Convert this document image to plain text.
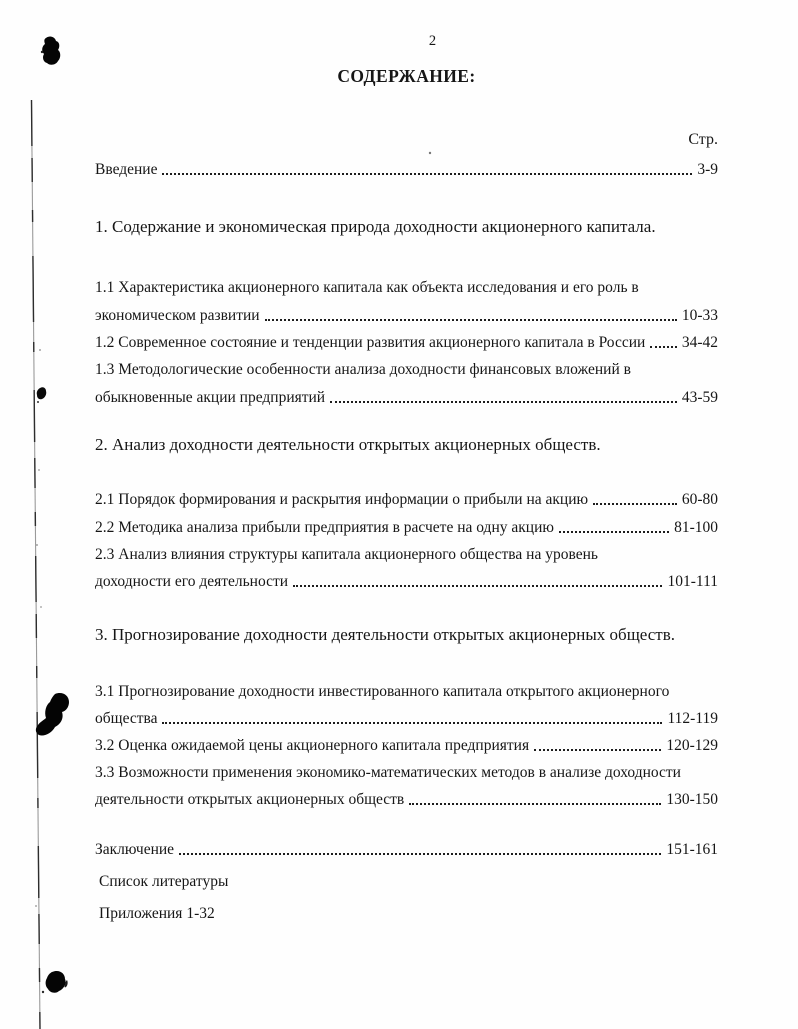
2
СОДЕРЖАНИЕ:
Стр.
Введение	3-9
1. Содержание и экономическая природа доходности акционерного капитала.
1.1 Характеристика акционерного капитала как объекта исследования и его роль в
экономическом развитии	10-33
1.2 Современное состояние и тенденции развития акционерного капитала в России 34-42
1.3 Методологические особенности анализа доходности финансовых вложений в
обыкновенные акции предприятий	43-59
2. Анализ доходности деятельности открытых акционерных обществ.
2.1 Порядок формирования и раскрытия информации о прибыли на акцию	60-80
2.2 Методика анализа прибыли предприятия в расчете на одну акцию	81-100
2.3 Анализ влияния структуры капитала акционерного общества на уровень
доходности его деятельности	101-111
3. Прогнозирование доходности деятельности открытых акционерных обществ.
3.1 Прогнозирование доходности инвестированного капитала открытого акционерного
общества	112-119
3.2 Оценка ожидаемой цены акционерного капитала предприятия	120-129
3.3 Возможности применения экономико-математических методов в анализе доходности
деятельности открытых акционерных обществ	130-150
Заключение	151-161
Список литературы
Приложения 1-32
